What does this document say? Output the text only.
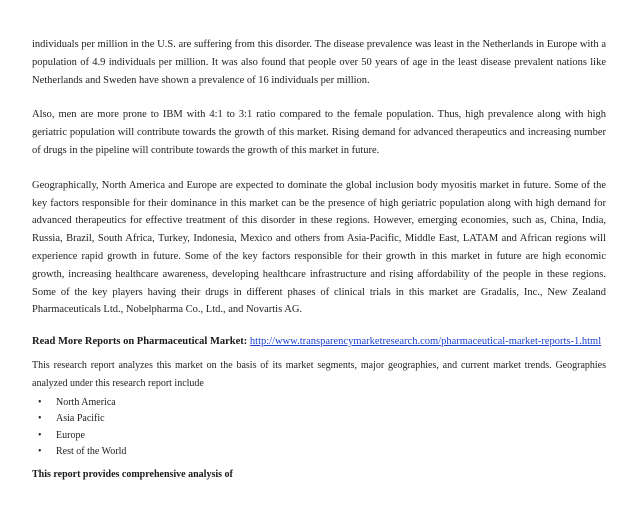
individuals per million in the U.S. are suffering from this disorder. The disease prevalence was least in the Netherlands in Europe with a population of 4.9 individuals per million. It was also found that people over 50 years of age in the least disease prevalent nations like Netherlands and Sweden have shown a prevalence of 16 individuals per million.

Also, men are more prone to IBM with 4:1 to 3:1 ratio compared to the female population. Thus, high prevalence along with high geriatric population will contribute towards the growth of this market. Rising demand for advanced therapeutics and increasing number of drugs in the pipeline will contribute towards the growth of this market in future.

Geographically, North America and Europe are expected to dominate the global inclusion body myositis market in future. Some of the key factors responsible for their dominance in this market can be the presence of high geriatric population along with high demand for advanced therapeutics for effective treatment of this disorder in these regions. However, emerging economies, such as, China, India, Russia, Brazil, South Africa, Turkey, Indonesia, Mexico and others from Asia-Pacific, Middle East, LATAM and African regions will experience rapid growth in future. Some of the key factors responsible for their growth in this market in future are high economic growth, increasing healthcare awareness, developing healthcare infrastructure and rising affordability of the people in these regions. Some of the key players having their drugs in different phases of clinical trials in this market are Gradalis, Inc., New Zealand Pharmaceuticals Ltd., Nobelpharma Co., Ltd., and Novartis AG.

Read More Reports on Pharmaceutical Market: http://www.transparencymarketresearch.com/pharmaceutical-market-reports-1.html

This research report analyzes this market on the basis of its market segments, major geographies, and current market trends. Geographies analyzed under this research report include

• North America
• Asia Pacific
• Europe
• Rest of the World

This report provides comprehensive analysis of
